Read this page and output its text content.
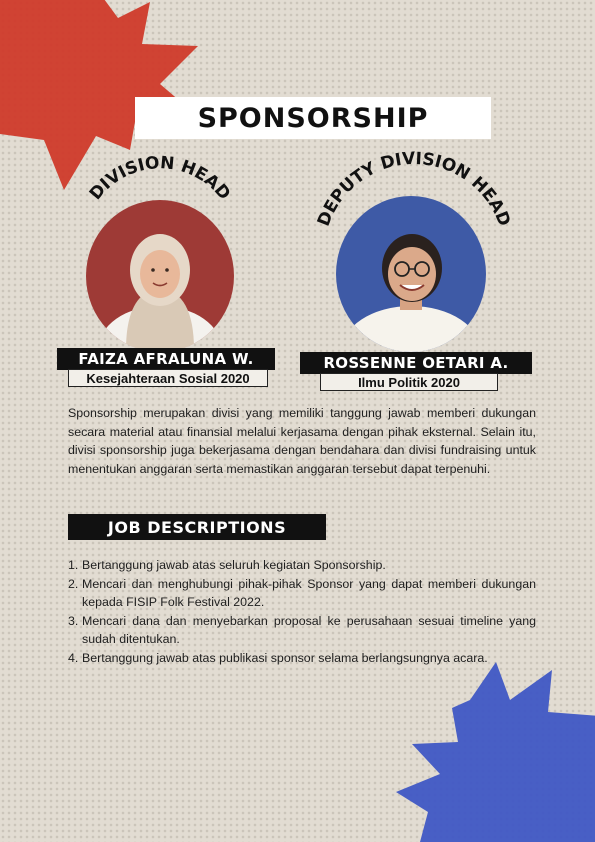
SPONSORSHIP
DIVISION HEAD
FAIZA AFRALUNA W.
Kesejahteraan Sosial 2020
DEPUTY DIVISION HEAD
ROSSENNE OETARI A.
Ilmu Politik 2020

Sponsorship merupakan divisi yang memiliki tanggung jawab memberi dukungan secara material atau finansial melalui kerjasama dengan pihak eksternal. Selain itu, divisi sponsorship juga bekerjasama dengan bendahara dan divisi fundraising untuk menentukan anggaran serta memastikan anggaran tersebut dapat terpenuhi.

JOB DESCRIPTIONS
1. Bertanggung jawab atas seluruh kegiatan Sponsorship.
2. Mencari dan menghubungi pihak-pihak Sponsor yang dapat memberi dukungan kepada FISIP Folk Festival 2022.
3. Mencari dana dan menyebarkan proposal ke perusahaan sesuai timeline yang sudah ditentukan.
4. Bertanggung jawab atas publikasi sponsor selama berlangsungnya acara.
